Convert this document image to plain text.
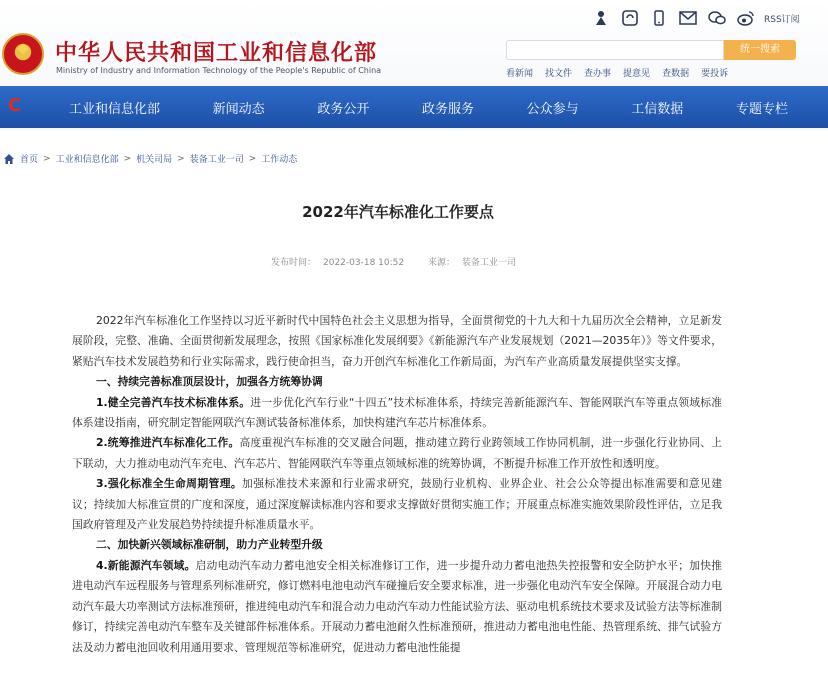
中华人民共和国工业和信息化部
Ministry of Industry and Information Technology of the People's Republic of China
RSS订阅
统一搜索
看新闻 找文件 查办事 提意见 查数据 要投诉
C	工业和信息化部	新闻动态	政务公开	政务服务	公众参与	工信数据	专题专栏
首页 > 工业和信息化部 > 机关司局 > 装备工业一司 > 工作动态
2022年汽车标准化工作要点
发布时间： 2022-03-18 10:52	来源： 装备工业一司

2022年汽车标准化工作坚持以习近平新时代中国特色社会主义思想为指导，全面贯彻党的十九大和十九届历次全会精神，立足新发展阶段，完整、准确、全面贯彻新发展理念，按照《国家标准化发展纲要》《新能源汽车产业发展规划（2021—2035年）》等文件要求，紧贴汽车技术发展趋势和行业实际需求，践行使命担当，奋力开创汽车标准化工作新局面，为汽车产业高质量发展提供坚实支撑。

一、持续完善标准顶层设计，加强各方统筹协调

1.健全完善汽车技术标准体系。进一步优化汽车行业“十四五”技术标准体系，持续完善新能源汽车、智能网联汽车等重点领域标准体系建设指南，研究制定智能网联汽车测试装备标准体系，加快构建汽车芯片标准体系。

2.统筹推进汽车标准化工作。高度重视汽车标准的交叉融合问题，推动建立跨行业跨领域工作协同机制，进一步强化行业协同、上下联动，大力推动电动汽车充电、汽车芯片、智能网联汽车等重点领域标准的统筹协调，不断提升标准工作开放性和透明度。

3.强化标准全生命周期管理。加强标准技术来源和行业需求研究，鼓励行业机构、业界企业、社会公众等提出标准需要和意见建议；持续加大标准宣贯的广度和深度，通过深度解读标准内容和要求支撑做好贯彻实施工作；开展重点标准实施效果阶段性评估，立足我国政府管理及产业发展趋势持续提升标准质量水平。

二、加快新兴领域标准研制，助力产业转型升级

4.新能源汽车领域。启动电动汽车动力蓄电池安全相关标准修订工作，进一步提升动力蓄电池热失控报警和安全防护水平；加快推进电动汽车远程服务与管理系列标准研究，修订燃料电池电动汽车碰撞后安全要求标准，进一步强化电动汽车安全保障。开展混合动力电动汽车最大功率测试方法标准预研，推进纯电动汽车和混合动力电动汽车动力性能试验方法、驱动电机系统技术要求及试验方法等标准制修订，持续完善电动汽车整车及关键部件标准体系。开展动力蓄电池耐久性标准预研，推进动力蓄电池电性能、热管理系统、排气试验方法及动力蓄电池回收利用通用要求、管理规范等标准研究，促进动力蓄电池性能提
